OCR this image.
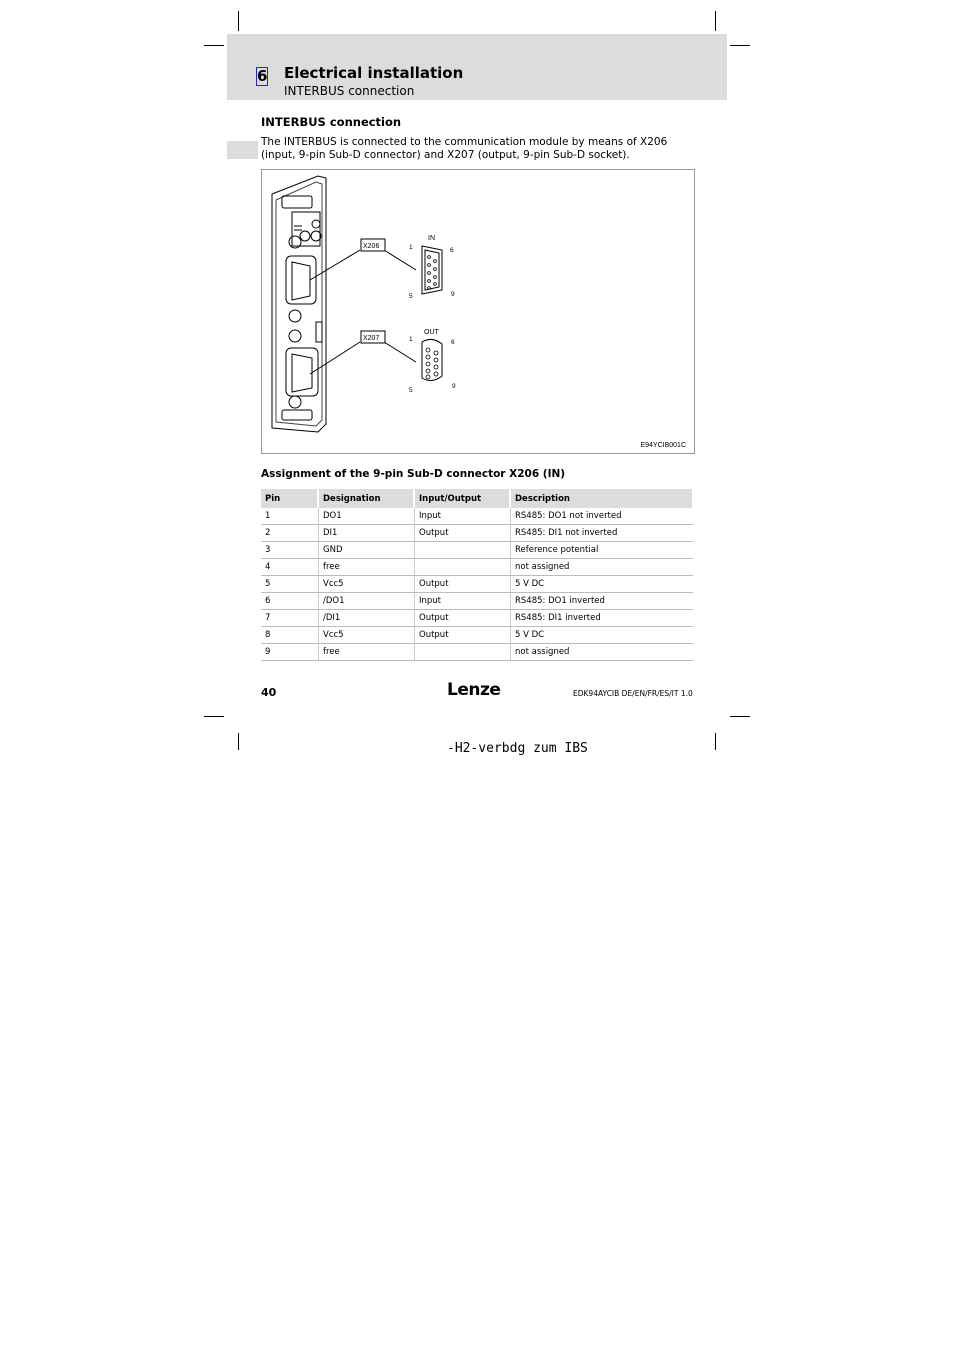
6 Electrical installation
INTERBUS connection
INTERBUS connection
The INTERBUS is connected to the communication module by means of X206 (input, 9-pin Sub-D connector) and X207 (output, 9-pin Sub-D socket).
X206
X207
IN
OUT
1	6
5	9
1	6
5
9
E94YCIB001C
Assignment of the 9-pin Sub-D connector X206 (IN)
Pin	Designation	Input/Output	Description
1	DO1	Input	RS485: DO1 not inverted
2	DI1	Output	RS485: DI1 not inverted
3	GND		Reference potential
4	free		not assigned
5	Vcc5	Output	5 V DC
6	/DO1	Input	RS485: DO1 inverted
7	/DI1	Output	RS485: DI1 inverted
8	Vcc5	Output	5 V DC
9	free		not assigned
40	Lenze	EDK94AYCIB DE/EN/FR/ES/IT 1.0
-H2-verbdg zum IBS
